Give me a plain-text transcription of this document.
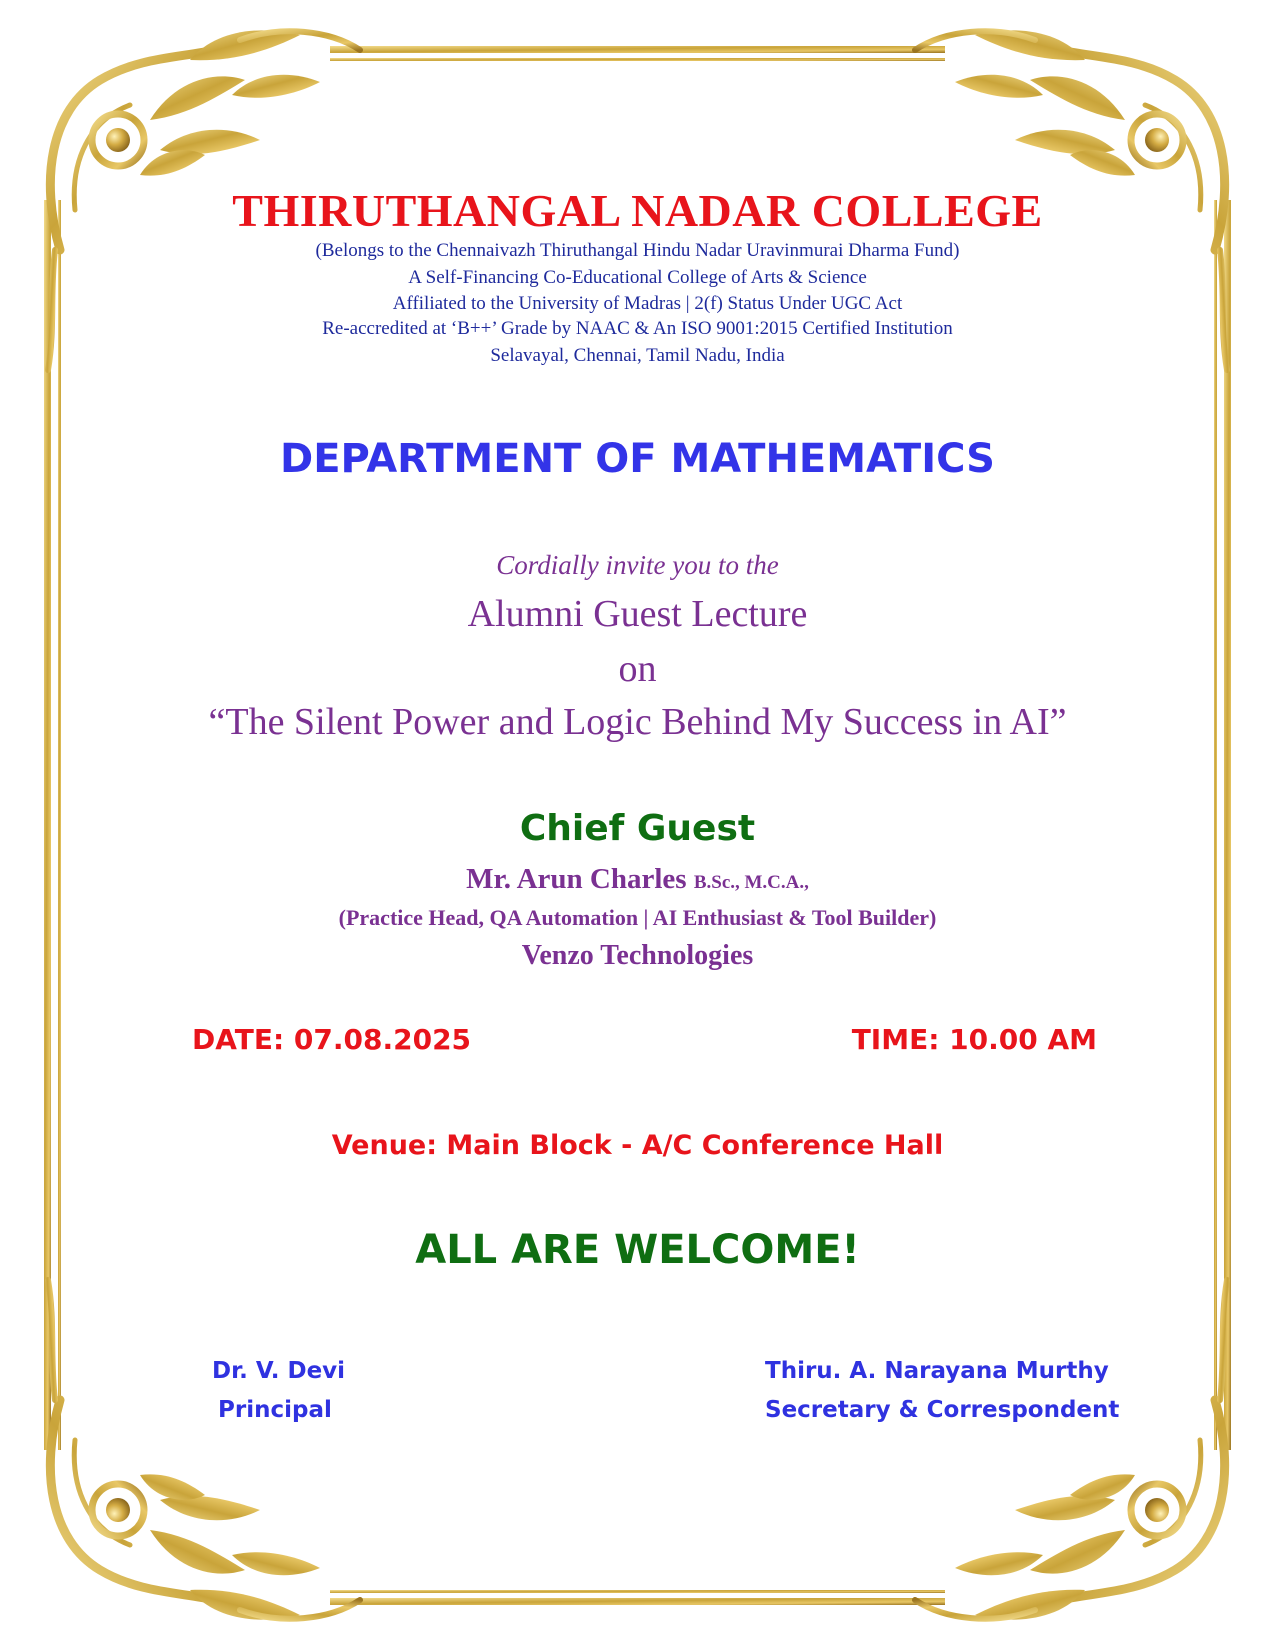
THIRUTHANGAL NADAR COLLEGE
(Belongs to the Chennaivazh Thiruthangal Hindu Nadar Uravinmurai Dharma Fund)
A Self-Financing Co-Educational College of Arts & Science
Affiliated to the University of Madras | 2(f) Status Under UGC Act
Re-accredited at ‘B++’ Grade by NAAC & An ISO 9001:2015 Certified Institution
Selavayal, Chennai, Tamil Nadu, India
DEPARTMENT OF MATHEMATICS
Cordially invite you to the
Alumni Guest Lecture
on
“The Silent Power and Logic Behind My Success in AI”
Chief Guest
Mr. Arun Charles B.Sc., M.C.A.,
(Practice Head, QA Automation | AI Enthusiast & Tool Builder)
Venzo Technologies
DATE: 07.08.2025	TIME: 10.00 AM
Venue: Main Block - A/C Conference Hall
ALL ARE WELCOME!
Dr. V. Devi
Principal
Thiru. A. Narayana Murthy
Secretary & Correspondent
